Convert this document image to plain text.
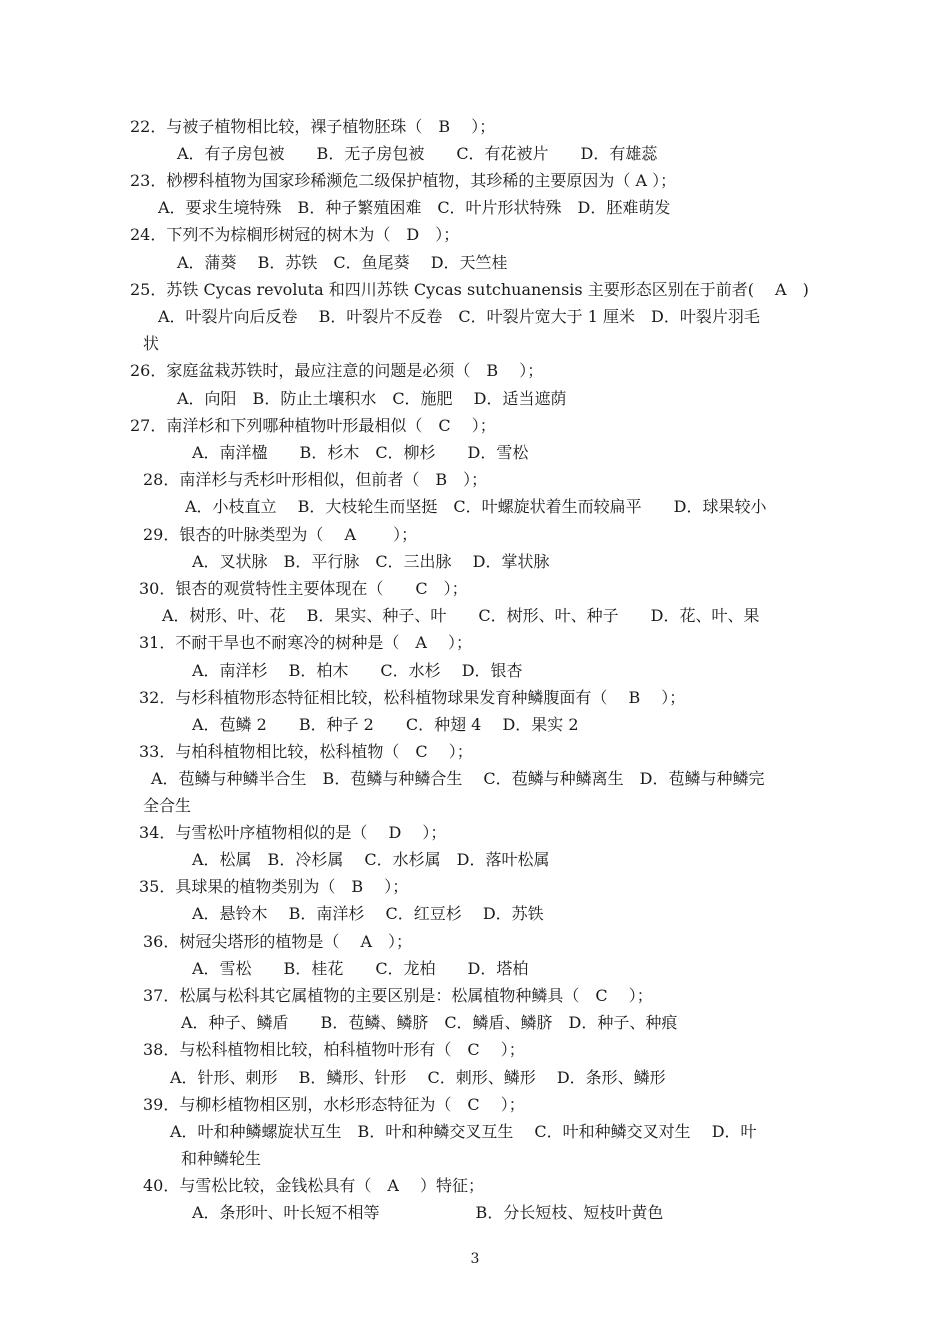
22．与被子植物相比较，裸子植物胚珠（　B　 ）；
A．有子房包被　　B．无子房包被　　C．有花被片　　D．有雄蕊
23．桫椤科植物为国家珍稀濒危二级保护植物，其珍稀的主要原因为（ A ）；
A．要求生境特殊　B．种子繁殖困难　C．叶片形状特殊　D．胚难萌发
24．下列不为棕榈形树冠的树木为（　D　）；
A．蒲葵　 B．苏铁　C．鱼尾葵　 D．天竺桂
25．苏铁 Cycas revoluta 和四川苏铁 Cycas sutchuanensis 主要形态区别在于前者(　 A　)
A．叶裂片向后反卷　 B．叶裂片不反卷　C．叶裂片宽大于 1 厘米　D．叶裂片羽毛
状
26．家庭盆栽苏铁时，最应注意的问题是必须（　B　 ）；
A．向阳　B．防止土壤积水　C．施肥　 D．适当遮荫
27．南洋杉和下列哪种植物叶形最相似（　C　 ）；
A．南洋楹　　B．杉木　C．柳杉　　D．雪松
28．南洋杉与秃杉叶形相似，但前者（　B　）；
A．小枝直立　 B．大枝轮生而坚挺　C．叶螺旋状着生而较扁平　　D．球果较小
29．银杏的叶脉类型为（　 A　　 ）；
A．叉状脉　B．平行脉　C．三出脉　 D．掌状脉
30．银杏的观赏特性主要体现在（　　C　）；
A．树形、叶、花　 B．果实、种子、叶　　C．树形、叶、种子　　D．花、叶、果
31．不耐干旱也不耐寒冷的树种是（　A　 ）；
A．南洋杉　 B．柏木　　C．水杉　 D．银杏
32．与杉科植物形态特征相比较，松科植物球果发育种鳞腹面有（　 B　 ）；
A．苞鳞 2　　B．种子 2　　C．种翅 4　 D．果实 2
33．与柏科植物相比较，松科植物（　C　 ）；
A．苞鳞与种鳞半合生　B．苞鳞与种鳞合生　 C．苞鳞与种鳞离生　D．苞鳞与种鳞完
全合生
34．与雪松叶序植物相似的是（　 D　 ）；
A．松属　B．冷杉属　 C．水杉属　D．落叶松属
35．具球果的植物类别为（　B　 ）；
A．悬铃木　 B．南洋杉　 C．红豆杉　 D．苏铁
36．树冠尖塔形的植物是（　 A　）；
A．雪松　　B．桂花　　C．龙柏　　D．塔柏
37．松属与松科其它属植物的主要区别是：松属植物种鳞具（　C　 ）；
A．种子、鳞盾　　B．苞鳞、鳞脐　C．鳞盾、鳞脐　D．种子、种痕
38．与松科植物相比较，柏科植物叶形有（　C　 ）；
A．针形、刺形　 B．鳞形、针形　 C．刺形、鳞形　 D．条形、鳞形
39．与柳杉植物相区别，水杉形态特征为（　C　 ）；
A．叶和种鳞螺旋状互生　B．叶和种鳞交叉互生　 C．叶和种鳞交叉对生　 D．叶
和种鳞轮生
40．与雪松比较，金钱松具有（　A　 ）特征；
A．条形叶、叶长短不相等　　　　　　B．分长短枝、短枝叶黄色
3
